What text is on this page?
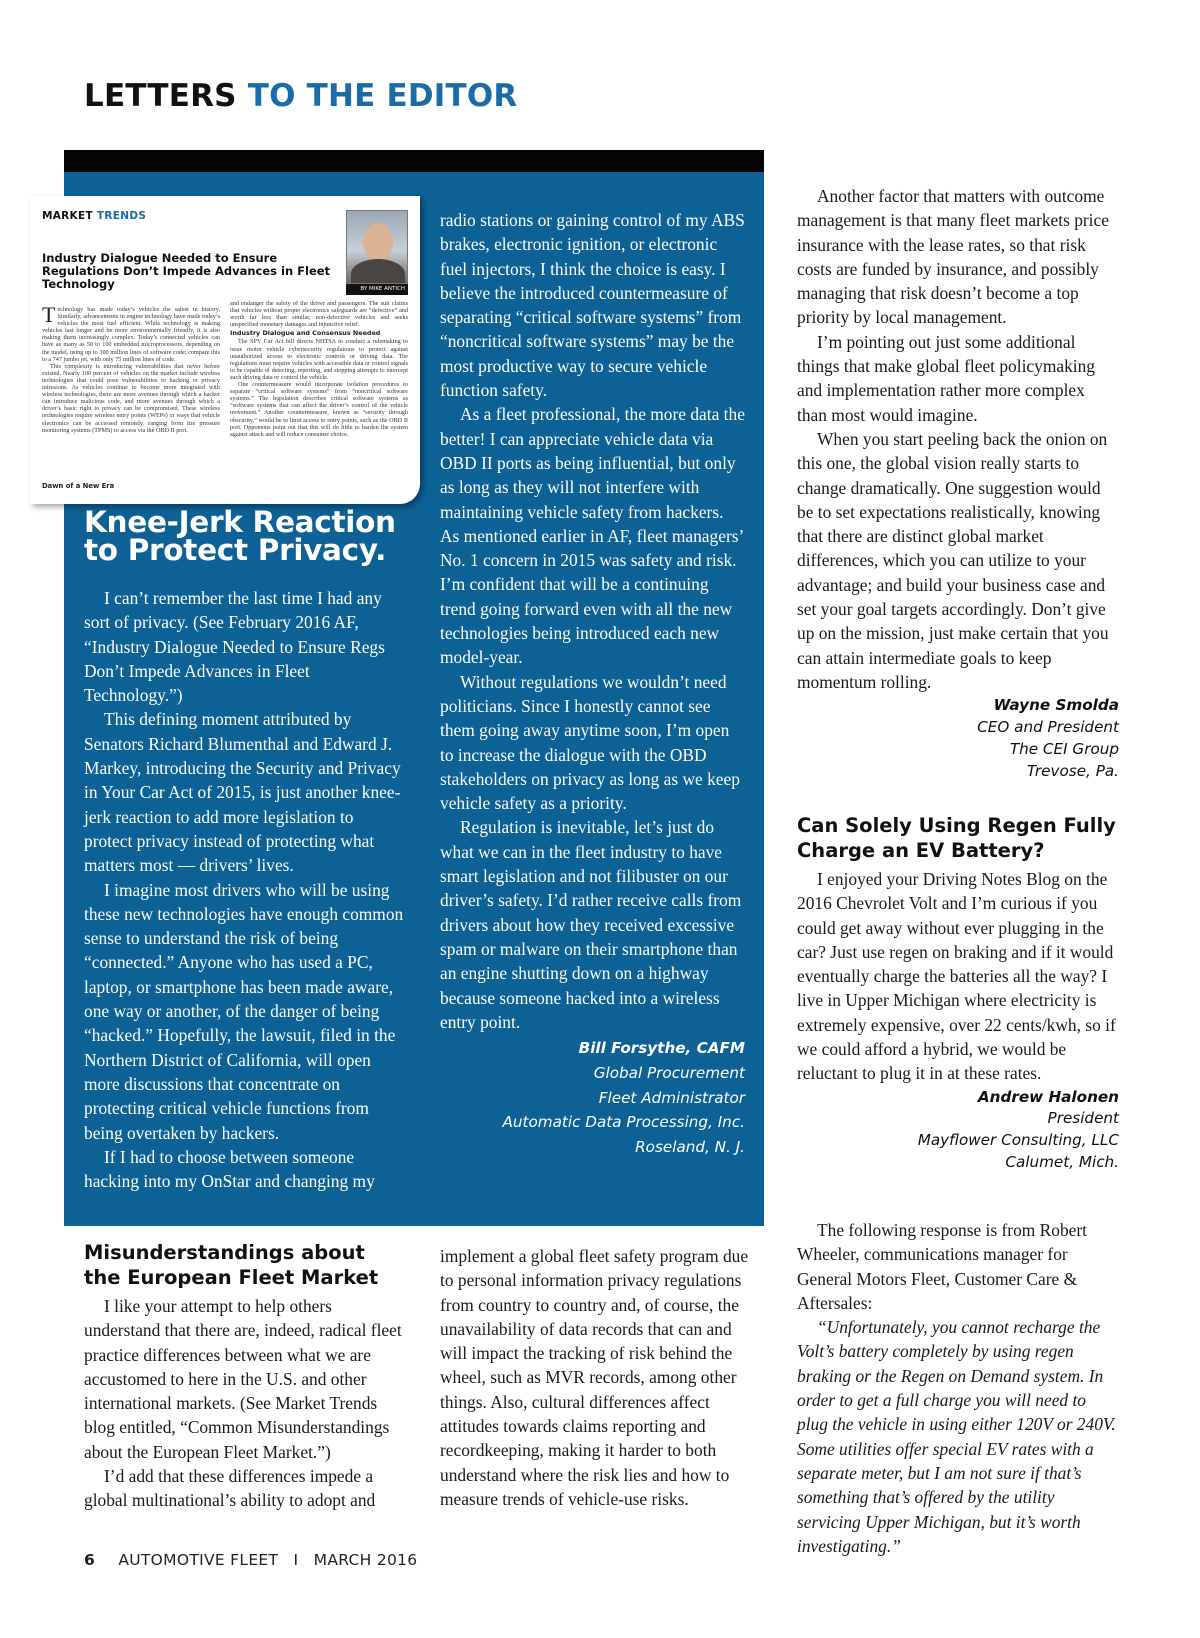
LETTERS TO THE EDITOR
MARKET TRENDS
Industry Dialogue Needed to Ensure Regulations Don’t Impede Advances in Fleet Technology	BY MIKE ANTICH
Technology has made today’s vehicles the safest in history. Similarly, advancements in engine technology have made today’s vehicles the most fuel efficient. While technology is making vehicles last longer and be more environmentally friendly, it is also making them increasingly complex. Today’s connected vehicles can have as many as 50 to 100 embedded microprocessors, depending on the model, using up to 300 million lines of software code; compare this to a 747 jumbo jet, with only 75 million lines of code.

This complexity is introducing vulnerabilities that never before existed. Nearly 100 percent of vehicles on the market include wireless technologies that could pose vulnerabilities to hacking or privacy intrusions. As vehicles continue to become more integrated with wireless technologies, there are more avenues through which a hacker can introduce malicious code, and more avenues through which a driver’s basic right to privacy can be compromised. These wireless technologies require wireless entry points (WEPs) or ways that vehicle electronics can be accessed remotely, ranging from tire pressure monitoring systems (TPMS) to access via the OBD II port.

and endanger the safety of the driver and passengers. The suit claims that vehicles without proper electronics safeguards are “defective” and worth far less than similar, non-defective vehicles and seeks unspecified monetary damages and injunctive relief.
Industry Dialogue and Consensus Needed

The SPY Car Act bill directs NHTSA to conduct a rulemaking to issue motor vehicle cybersecurity regulations to protect against unauthorized access to electronic controls or driving data. The regulations must require vehicles with accessible data or control signals to be capable of detecting, reporting, and stopping attempts to intercept such driving data or control the vehicle.

One countermeasure would incorporate isolation procedures to separate “critical software systems” from “noncritical software systems.” The legislation describes critical software systems as “software systems that can affect the driver’s control of the vehicle movement.” Another countermeasure, known as “security through obscurity,” would be to limit access to entry points, such as the OBD II port. Opponents point out that this will do little to harden the system against attack and will reduce consumer choice.

Dawn of a New Era
Knee-Jerk Reaction to Protect Privacy.

I can’t remember the last time I had any sort of privacy. (See February 2016 AF, “Industry Dialogue Needed to Ensure Regs Don’t Impede Advances in Fleet Technology.”)

This defining moment attributed by Senators Richard Blumenthal and Edward J. Markey, introducing the Security and Privacy in Your Car Act of 2015, is just another knee-jerk reaction to add more legislation to protect privacy instead of protecting what matters most — drivers’ lives.

I imagine most drivers who will be using these new technologies have enough common sense to understand the risk of being “connected.” Anyone who has used a PC, laptop, or smartphone has been made aware, one way or another, of the danger of being “hacked.” Hopefully, the lawsuit, filed in the Northern District of California, will open more discussions that concentrate on protecting critical vehicle functions from being overtaken by hackers.

If I had to choose between someone hacking into my OnStar and changing my

radio stations or gaining control of my ABS brakes, electronic ignition, or electronic fuel injectors, I think the choice is easy. I believe the introduced countermeasure of separating “critical software systems” from “noncritical software systems” may be the most productive way to secure vehicle function safety.

As a fleet professional, the more data the better! I can appreciate vehicle data via OBD II ports as being influential, but only as long as they will not interfere with maintaining vehicle safety from hackers. As mentioned earlier in AF, fleet managers’ No. 1 concern in 2015 was safety and risk. I’m confident that will be a continuing trend going forward even with all the new technologies being introduced each new model-year.

Without regulations we wouldn’t need politicians. Since I honestly cannot see them going away anytime soon, I’m open to increase the dialogue with the OBD stakeholders on privacy as long as we keep vehicle safety as a priority.

Regulation is inevitable, let’s just do what we can in the fleet industry to have smart legislation and not filibuster on our driver’s safety. I’d rather receive calls from drivers about how they received excessive spam or malware on their smartphone than an engine shutting down on a highway because someone hacked into a wireless entry point.

Bill Forsythe, CAFM
Global Procurement
Fleet Administrator
Automatic Data Processing, Inc.
Roseland, N. J.

Another factor that matters with outcome management is that many fleet markets price insurance with the lease rates, so that risk costs are funded by insurance, and possibly managing that risk doesn’t become a top priority by local management.

I’m pointing out just some additional things that make global fleet policymaking and implementation rather more complex than most would imagine.

When you start peeling back the onion on this one, the global vision really starts to change dramatically. One suggestion would be to set expectations realistically, knowing that there are distinct global market differences, which you can utilize to your advantage; and build your business case and set your goal targets accordingly. Don’t give up on the mission, just make certain that you can attain intermediate goals to keep momentum rolling.

Wayne Smolda
CEO and President
The CEI Group
Trevose, Pa.
Can Solely Using Regen Fully Charge an EV Battery?

I enjoyed your Driving Notes Blog on the 2016 Chevrolet Volt and I’m curious if you could get away without ever plugging in the car? Just use regen on braking and if it would eventually charge the batteries all the way? I live in Upper Michigan where electricity is extremely expensive, over 22 cents/kwh, so if we could afford a hybrid, we would be reluctant to plug it in at these rates.

Andrew Halonen
President
Mayflower Consulting, LLC
Calumet, Mich.
Misunderstandings about the European Fleet Market

I like your attempt to help others understand that there are, indeed, radical fleet practice differences between what we are accustomed to here in the U.S. and other international markets. (See Market Trends blog entitled, “Common Misunderstandings about the European Fleet Market.”)

I’d add that these differences impede a global multinational’s ability to adopt and

implement a global fleet safety program due to personal information privacy regulations from country to country and, of course, the unavailability of data records that can and will impact the tracking of risk behind the wheel, such as MVR records, among other things. Also, cultural differences affect attitudes towards claims reporting and recordkeeping, making it harder to both understand where the risk lies and how to measure trends of vehicle-use risks.

The following response is from Robert Wheeler, communications manager for General Motors Fleet, Customer Care & Aftersales:

“Unfortunately, you cannot recharge the Volt’s battery completely by using regen braking or the Regen on Demand system. In order to get a full charge you will need to plug the vehicle in using either 120V or 240V. Some utilities offer special EV rates with a separate meter, but I am not sure if that’s something that’s offered by the utility servicing Upper Michigan, but it’s worth investigating.”

6 AUTOMOTIVE FLEET I MARCH 2016
